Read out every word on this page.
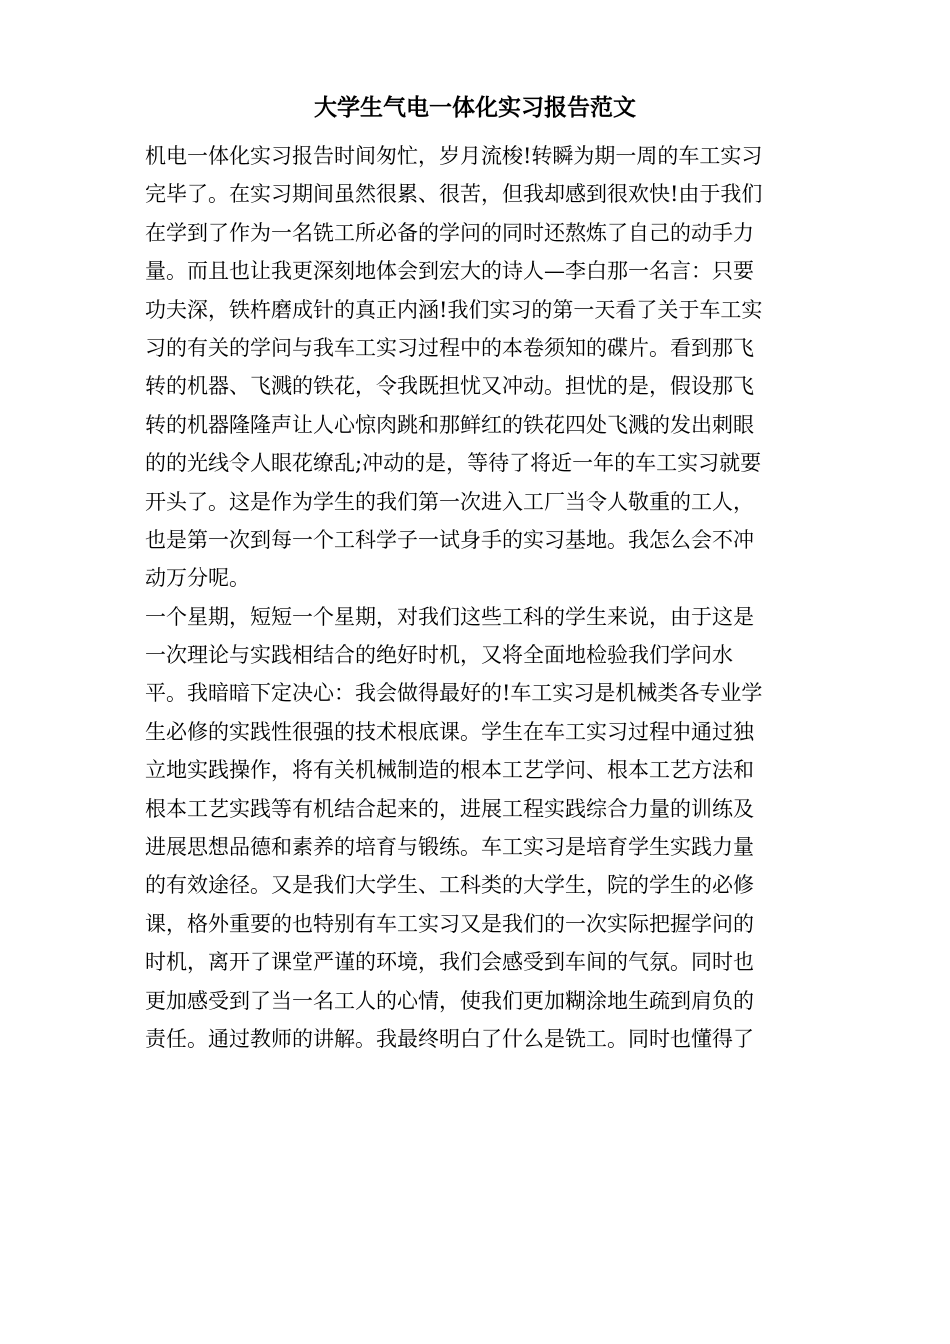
大学生气电一体化实习报告范文
机电一体化实习报告时间匆忙，岁月流梭!转瞬为期一周的车工实习
完毕了。在实习期间虽然很累、很苦，但我却感到很欢快!由于我们
在学到了作为一名铣工所必备的学问的同时还熬炼了自己的动手力
量。而且也让我更深刻地体会到宏大的诗人—李白那一名言：只要
功夫深，铁杵磨成针的真正内涵!我们实习的第一天看了关于车工实
习的有关的学问与我车工实习过程中的本卷须知的碟片。看到那飞
转的机器、飞溅的铁花，令我既担忧又冲动。担忧的是，假设那飞
转的机器隆隆声让人心惊肉跳和那鲜红的铁花四处飞溅的发出刺眼
的的光线令人眼花缭乱;冲动的是，等待了将近一年的车工实习就要
开头了。这是作为学生的我们第一次进入工厂当令人敬重的工人，
也是第一次到每一个工科学子一试身手的实习基地。我怎么会不冲
动万分呢。
一个星期，短短一个星期，对我们这些工科的学生来说，由于这是
一次理论与实践相结合的绝好时机，又将全面地检验我们学问水
平。我暗暗下定决心：我会做得最好的!车工实习是机械类各专业学
生必修的实践性很强的技术根底课。学生在车工实习过程中通过独
立地实践操作，将有关机械制造的根本工艺学问、根本工艺方法和
根本工艺实践等有机结合起来的，进展工程实践综合力量的训练及
进展思想品德和素养的培育与锻练。车工实习是培育学生实践力量
的有效途径。又是我们大学生、工科类的大学生，院的学生的必修
课，格外重要的也特别有车工实习又是我们的一次实际把握学问的
时机，离开了课堂严谨的环境，我们会感受到车间的气氛。同时也
更加感受到了当一名工人的心情，使我们更加糊涂地生疏到肩负的
责任。通过教师的讲解。我最终明白了什么是铣工。同时也懂得了
